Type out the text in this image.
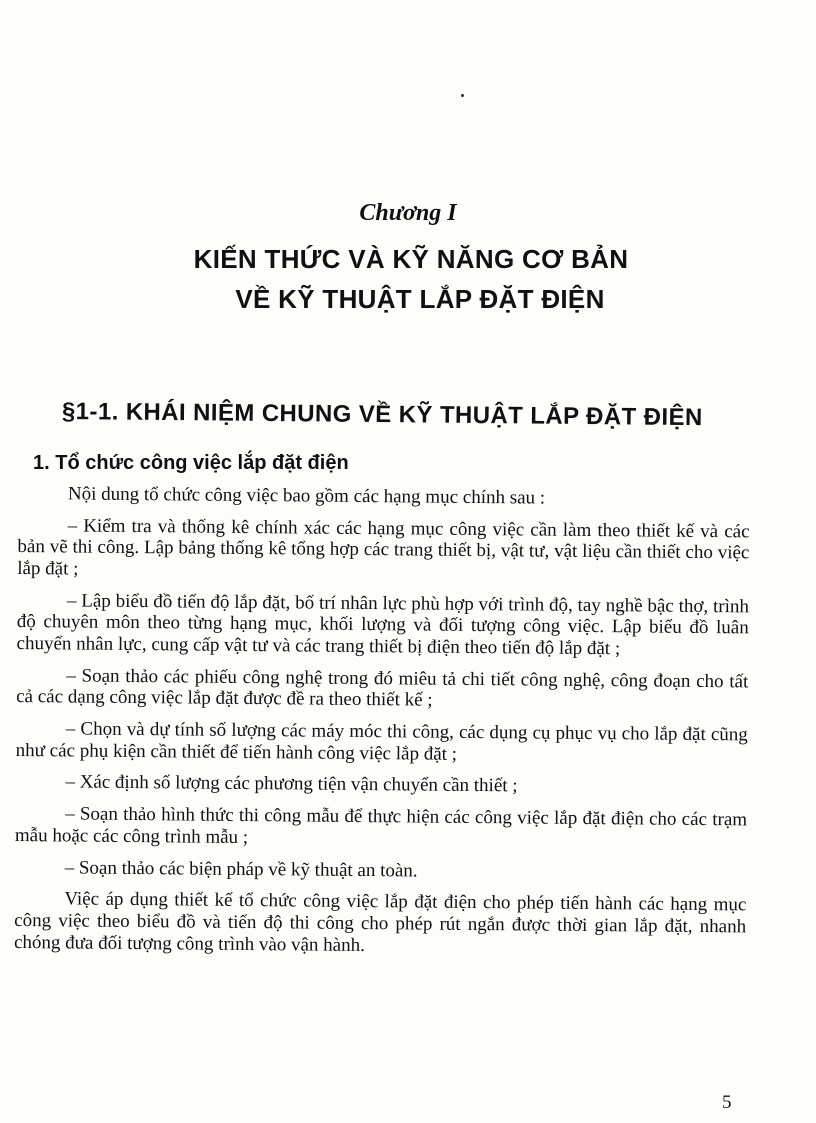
Chương I
KIẾN THỨC VÀ KỸ NĂNG CƠ BẢN
VỀ KỸ THUẬT LẮP ĐẶT ĐIỆN
§1-1. KHÁI NIỆM CHUNG VỀ KỸ THUẬT LẮP ĐẶT ĐIỆN
1. Tổ chức công việc lắp đặt điện

Nội dung tổ chức công việc bao gồm các hạng mục chính sau :

– Kiểm tra và thống kê chính xác các hạng mục công việc cần làm theo thiết kế và các bản vẽ thi công. Lập bảng thống kê tổng hợp các trang thiết bị, vật tư, vật liệu cần thiết cho việc lắp đặt ;

– Lập biểu đồ tiến độ lắp đặt, bố trí nhân lực phù hợp với trình độ, tay nghề bậc thợ, trình độ chuyên môn theo từng hạng mục, khối lượng và đối tượng công việc. Lập biểu đồ luân chuyển nhân lực, cung cấp vật tư và các trang thiết bị điện theo tiến độ lắp đặt ;

– Soạn thảo các phiếu công nghệ trong đó miêu tả chi tiết công nghệ, công đoạn cho tất cả các dạng công việc lắp đặt được đề ra theo thiết kế ;

– Chọn và dự tính số lượng các máy móc thi công, các dụng cụ phục vụ cho lắp đặt cũng như các phụ kiện cần thiết để tiến hành công việc lắp đặt ;

– Xác định số lượng các phương tiện vận chuyển cần thiết ;

– Soạn thảo hình thức thi công mẫu để thực hiện các công việc lắp đặt điện cho các trạm mẫu hoặc các công trình mẫu ;

– Soạn thảo các biện pháp về kỹ thuật an toàn.

Việc áp dụng thiết kế tổ chức công việc lắp đặt điện cho phép tiến hành các hạng mục công việc theo biểu đồ và tiến độ thi công cho phép rút ngắn được thời gian lắp đặt, nhanh chóng đưa đối tượng công trình vào vận hành.

5
